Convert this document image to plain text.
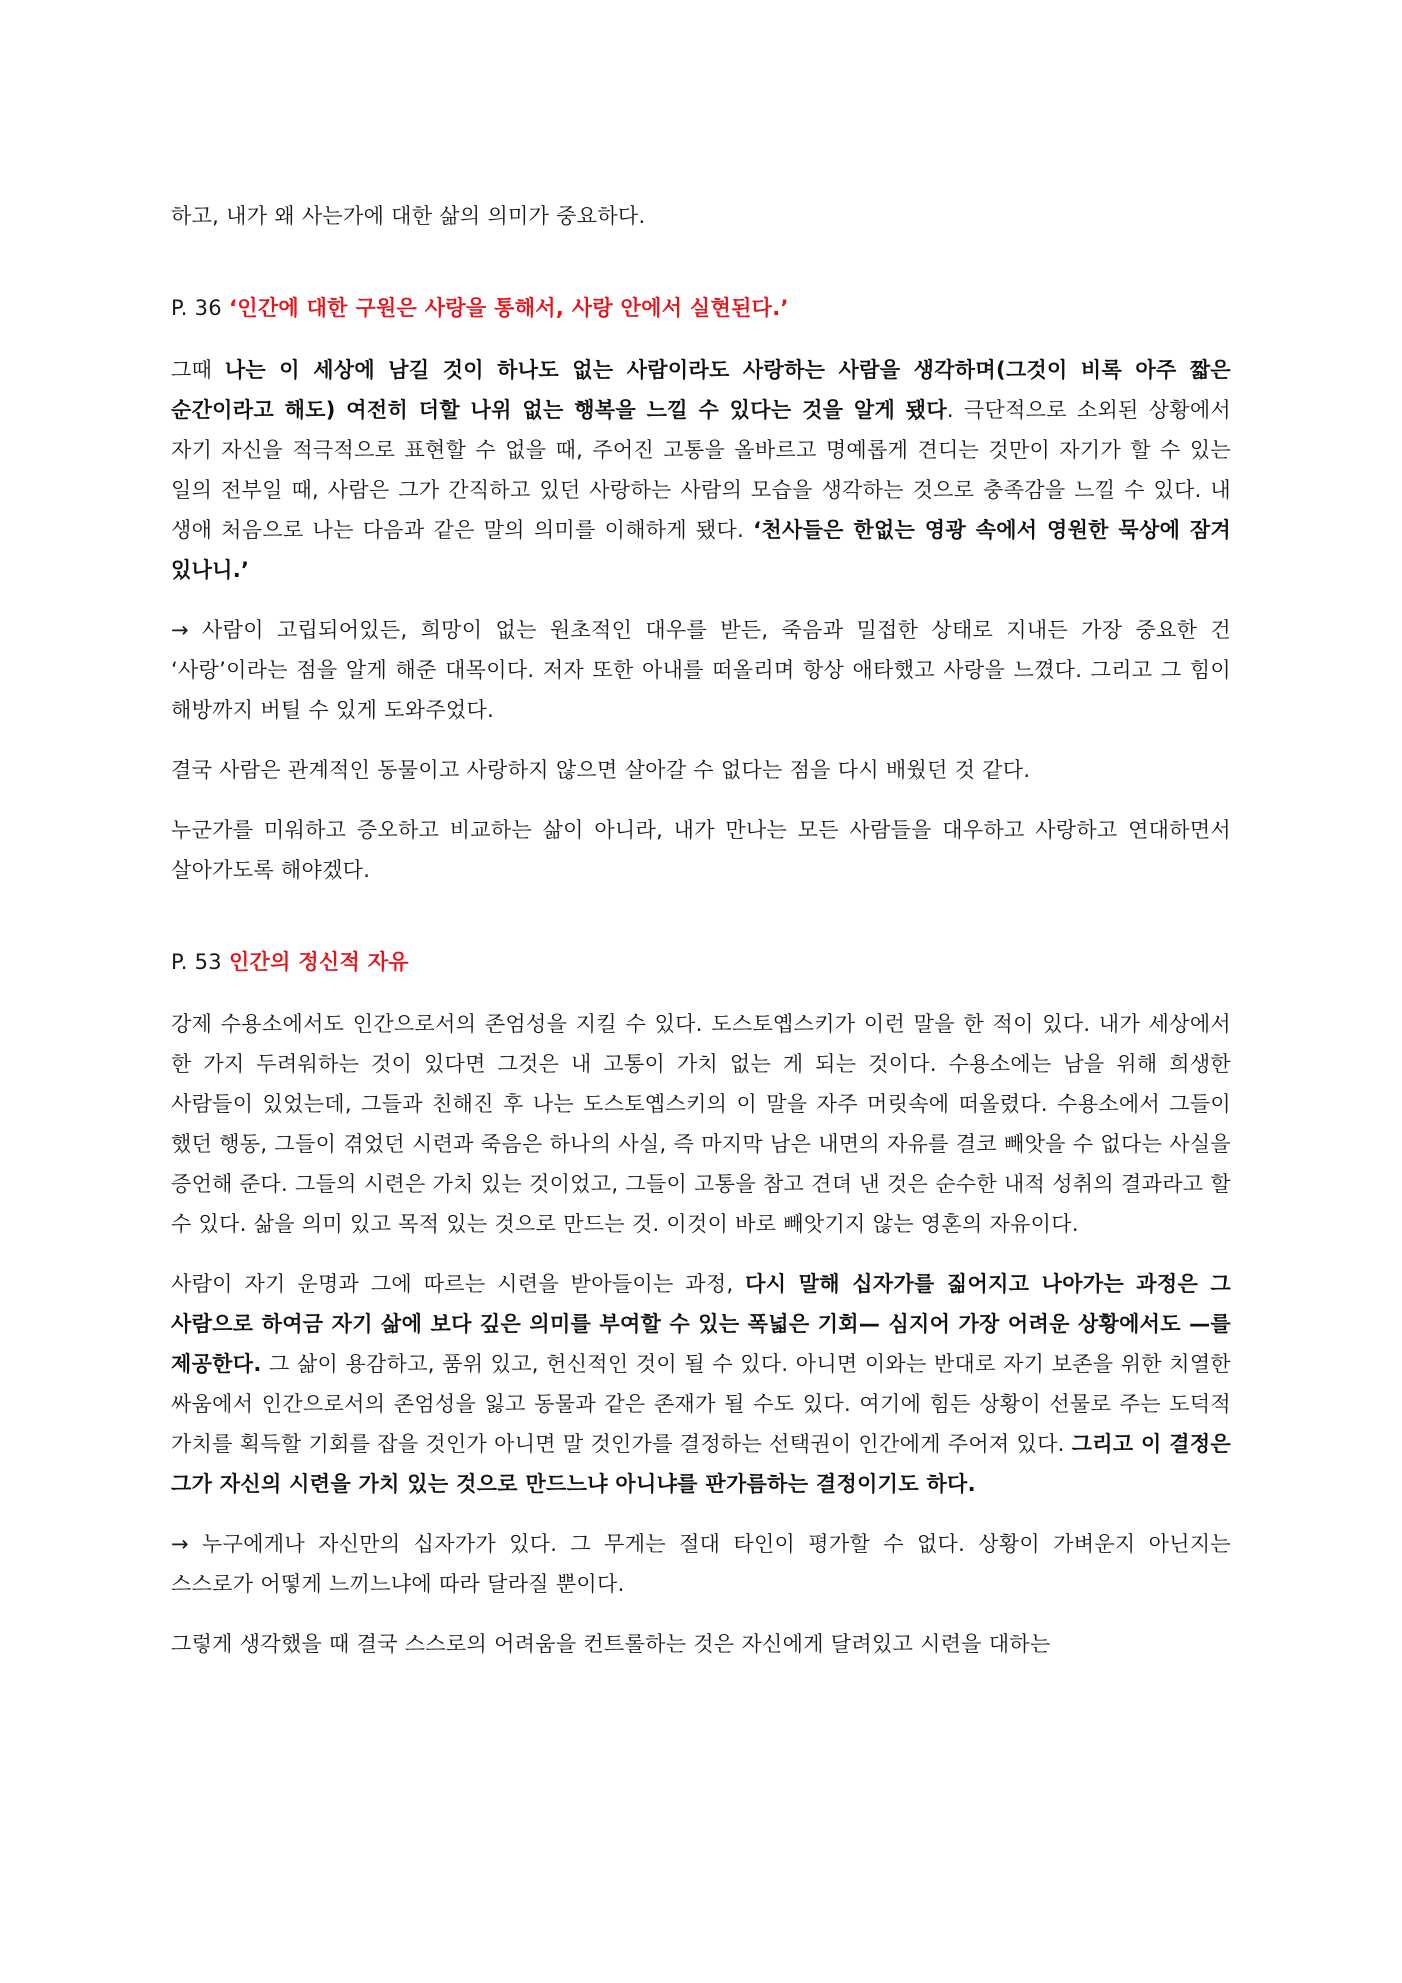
하고, 내가 왜 사는가에 대한 삶의 의미가 중요하다.

P. 36 ‘인간에 대한 구원은 사랑을 통해서, 사랑 안에서 실현된다.’

그때 나는 이 세상에 남길 것이 하나도 없는 사람이라도 사랑하는 사람을 생각하며(그것이 비록 아주 짧은 순간이라고 해도) 여전히 더할 나위 없는 행복을 느낄 수 있다는 것을 알게 됐다. 극단적으로 소외된 상황에서 자기 자신을 적극적으로 표현할 수 없을 때, 주어진 고통을 올바르고 명예롭게 견디는 것만이 자기가 할 수 있는 일의 전부일 때, 사람은 그가 간직하고 있던 사랑하는 사람의 모습을 생각하는 것으로 충족감을 느낄 수 있다. 내 생애 처음으로 나는 다음과 같은 말의 의미를 이해하게 됐다. ‘천사들은 한없는 영광 속에서 영원한 묵상에 잠겨 있나니.’

→ 사람이 고립되어있든, 희망이 없는 원초적인 대우를 받든, 죽음과 밀접한 상태로 지내든 가장 중요한 건 ‘사랑’이라는 점을 알게 해준 대목이다. 저자 또한 아내를 떠올리며 항상 애타했고 사랑을 느꼈다. 그리고 그 힘이 해방까지 버틸 수 있게 도와주었다.

결국 사람은 관계적인 동물이고 사랑하지 않으면 살아갈 수 없다는 점을 다시 배웠던 것 같다.

누군가를 미워하고 증오하고 비교하는 삶이 아니라, 내가 만나는 모든 사람들을 대우하고 사랑하고 연대하면서 살아가도록 해야겠다.

P. 53 인간의 정신적 자유

강제 수용소에서도 인간으로서의 존엄성을 지킬 수 있다. 도스토옙스키가 이런 말을 한 적이 있다. 내가 세상에서 한 가지 두려워하는 것이 있다면 그것은 내 고통이 가치 없는 게 되는 것이다. 수용소에는 남을 위해 희생한 사람들이 있었는데, 그들과 친해진 후 나는 도스토옙스키의 이 말을 자주 머릿속에 떠올렸다. 수용소에서 그들이 했던 행동, 그들이 겪었던 시련과 죽음은 하나의 사실, 즉 마지막 남은 내면의 자유를 결코 빼앗을 수 없다는 사실을 증언해 준다. 그들의 시련은 가치 있는 것이었고, 그들이 고통을 참고 견뎌 낸 것은 순수한 내적 성취의 결과라고 할 수 있다. 삶을 의미 있고 목적 있는 것으로 만드는 것. 이것이 바로 빼앗기지 않는 영혼의 자유이다.

사람이 자기 운명과 그에 따르는 시련을 받아들이는 과정, 다시 말해 십자가를 짊어지고 나아가는 과정은 그 사람으로 하여금 자기 삶에 보다 깊은 의미를 부여할 수 있는 폭넓은 기회— 심지어 가장 어려운 상황에서도 —를 제공한다. 그 삶이 용감하고, 품위 있고, 헌신적인 것이 될 수 있다. 아니면 이와는 반대로 자기 보존을 위한 치열한 싸움에서 인간으로서의 존엄성을 잃고 동물과 같은 존재가 될 수도 있다. 여기에 힘든 상황이 선물로 주는 도덕적 가치를 획득할 기회를 잡을 것인가 아니면 말 것인가를 결정하는 선택권이 인간에게 주어져 있다. 그리고 이 결정은 그가 자신의 시련을 가치 있는 것으로 만드느냐 아니냐를 판가름하는 결정이기도 하다.

→ 누구에게나 자신만의 십자가가 있다. 그 무게는 절대 타인이 평가할 수 없다. 상황이 가벼운지 아닌지는 스스로가 어떻게 느끼느냐에 따라 달라질 뿐이다.

그렇게 생각했을 때 결국 스스로의 어려움을 컨트롤하는 것은 자신에게 달려있고 시련을 대하는
